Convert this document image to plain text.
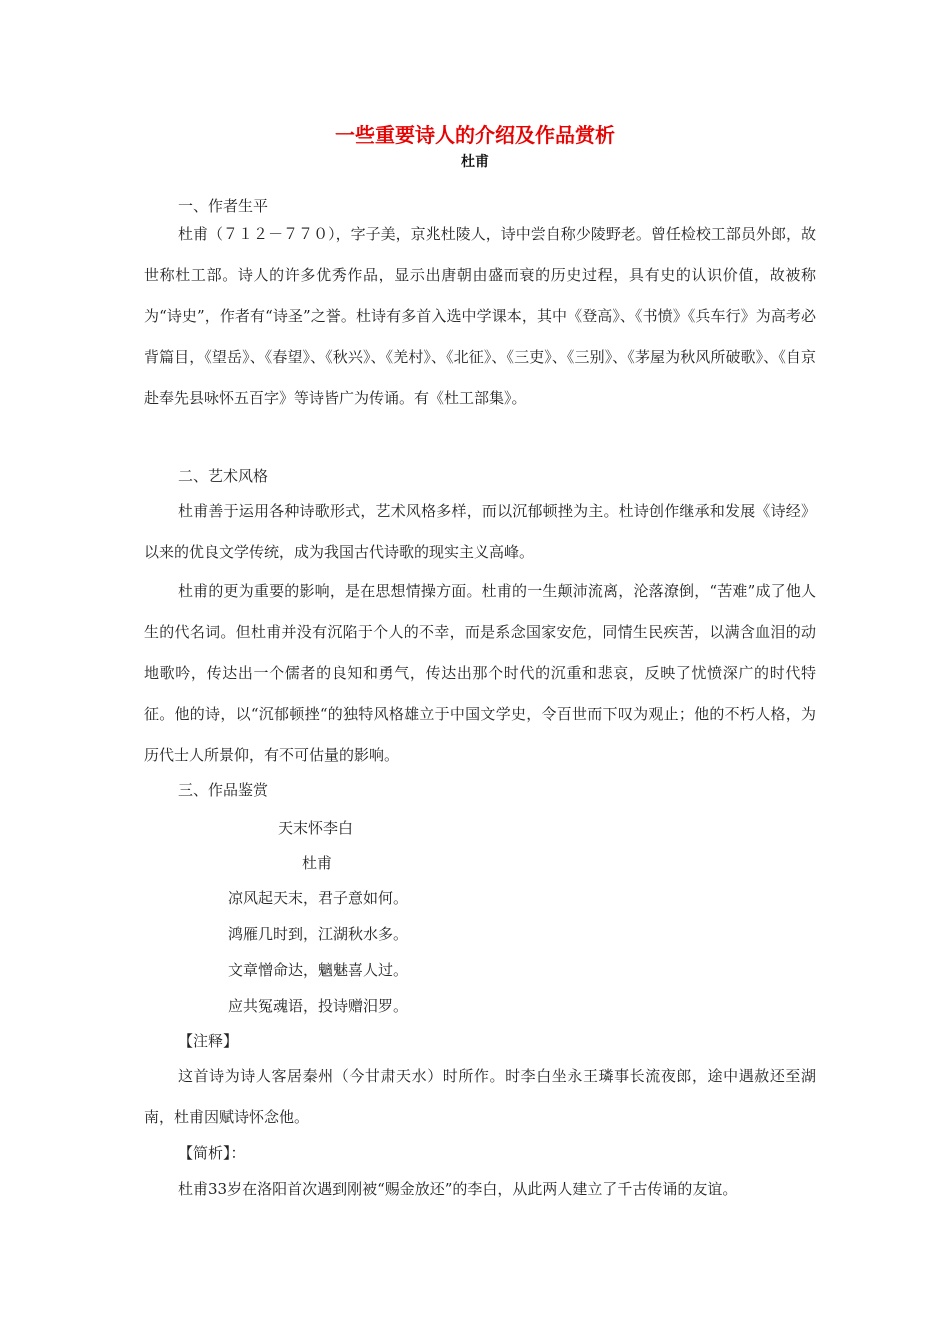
一些重要诗人的介绍及作品赏析
杜甫
一、作者生平
杜甫（７１２－７７０），字子美，京兆杜陵人，诗中尝自称少陵野老。曾任检校工部员外郎，故世称杜工部。诗人的许多优秀作品，显示出唐朝由盛而衰的历史过程，具有史的认识价值，故被称为“诗史”，作者有“诗圣”之誉。杜诗有多首入选中学课本，其中《登高》、《书愤》《兵车行》为高考必背篇目，《望岳》、《春望》、《秋兴》、《羌村》、《北征》、《三吏》、《三别》、《茅屋为秋风所破歌》、《自京赴奉先县咏怀五百字》等诗皆广为传诵。有《杜工部集》。
二、艺术风格
杜甫善于运用各种诗歌形式，艺术风格多样，而以沉郁顿挫为主。杜诗创作继承和发展《诗经》以来的优良文学传统，成为我国古代诗歌的现实主义高峰。
杜甫的更为重要的影响，是在思想情操方面。杜甫的一生颠沛流离，沦落潦倒，“苦难”成了他人生的代名词。但杜甫并没有沉陷于个人的不幸，而是系念国家安危，同情生民疾苦，以满含血泪的动地歌吟，传达出一个儒者的良知和勇气，传达出那个时代的沉重和悲哀，反映了忧愤深广的时代特征。他的诗，以“沉郁顿挫“的独特风格雄立于中国文学史，令百世而下叹为观止；他的不朽人格，为历代士人所景仰，有不可估量的影响。
三、作品鉴赏
天末怀李白
杜甫
凉风起天末，君子意如何。
鸿雁几时到，江湖秋水多。
文章憎命达，魑魅喜人过。
应共冤魂语，投诗赠汨罗。
【注释】
这首诗为诗人客居秦州（今甘肃天水）时所作。时李白坐永王璘事长流夜郎，途中遇赦还至湖南，杜甫因赋诗怀念他。
【简析】：
杜甫33岁在洛阳首次遇到刚被“赐金放还”的李白，从此两人建立了千古传诵的友谊。
